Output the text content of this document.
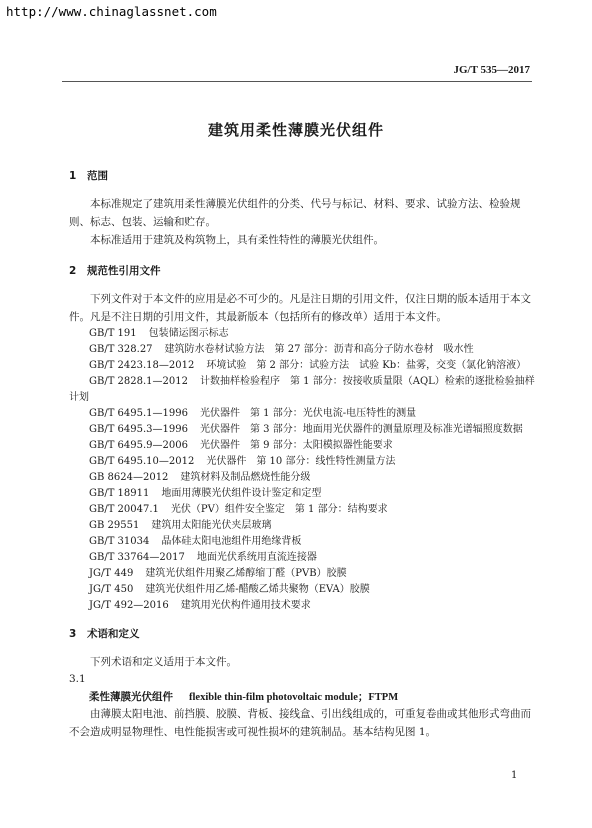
http://www.chinaglassnet.com
JG/T 535—2017
建筑用柔性薄膜光伏组件
1 范围
本标准规定了建筑用柔性薄膜光伏组件的分类、代号与标记、材料、要求、试验方法、检验规则、标志、包装、运输和贮存。
本标准适用于建筑及构筑物上，具有柔性特性的薄膜光伏组件。
2 规范性引用文件
下列文件对于本文件的应用是必不可少的。凡是注日期的引用文件，仅注日期的版本适用于本文件。凡是不注日期的引用文件，其最新版本（包括所有的修改单）适用于本文件。
GB/T 191 包装储运图示标志
GB/T 328.27 建筑防水卷材试验方法　第 27 部分：沥青和高分子防水卷材　吸水性
GB/T 2423.18—2012 环境试验　第 2 部分：试验方法　试验 Kb：盐雾，交变（氯化钠溶液）
GB/T 2828.1—2012 计数抽样检验程序　第 1 部分：按接收质量限（AQL）检索的逐批检验抽样
计划
GB/T 6495.1—1996 光伏器件　第 1 部分：光伏电流-电压特性的测量
GB/T 6495.3—1996 光伏器件　第 3 部分：地面用光伏器件的测量原理及标准光谱辐照度数据
GB/T 6495.9—2006 光伏器件　第 9 部分：太阳模拟器性能要求
GB/T 6495.10—2012 光伏器件　第 10 部分：线性特性测量方法
GB 8624—2012 建筑材料及制品燃烧性能分级
GB/T 18911 地面用薄膜光伏组件设计鉴定和定型
GB/T 20047.1 光伏（PV）组件安全鉴定　第 1 部分：结构要求
GB 29551 建筑用太阳能光伏夹层玻璃
GB/T 31034 晶体硅太阳电池组件用绝缘背板
GB/T 33764—2017 地面光伏系统用直流连接器
JG/T 449 建筑光伏组件用聚乙烯醇缩丁醛（PVB）胶膜
JG/T 450 建筑光伏组件用乙烯-醋酸乙烯共聚物（EVA）胶膜
JG/T 492—2016 建筑用光伏构件通用技术要求
3 术语和定义
下列术语和定义适用于本文件。
3.1
柔性薄膜光伏组件 flexible thin-film photovoltaic module；FTPM
由薄膜太阳电池、前挡膜、胶膜、背板、接线盒、引出线组成的，可重复卷曲或其他形式弯曲而不会造成明显物理性、电性能损害或可视性损坏的建筑制品。基本结构见图 1。
1
